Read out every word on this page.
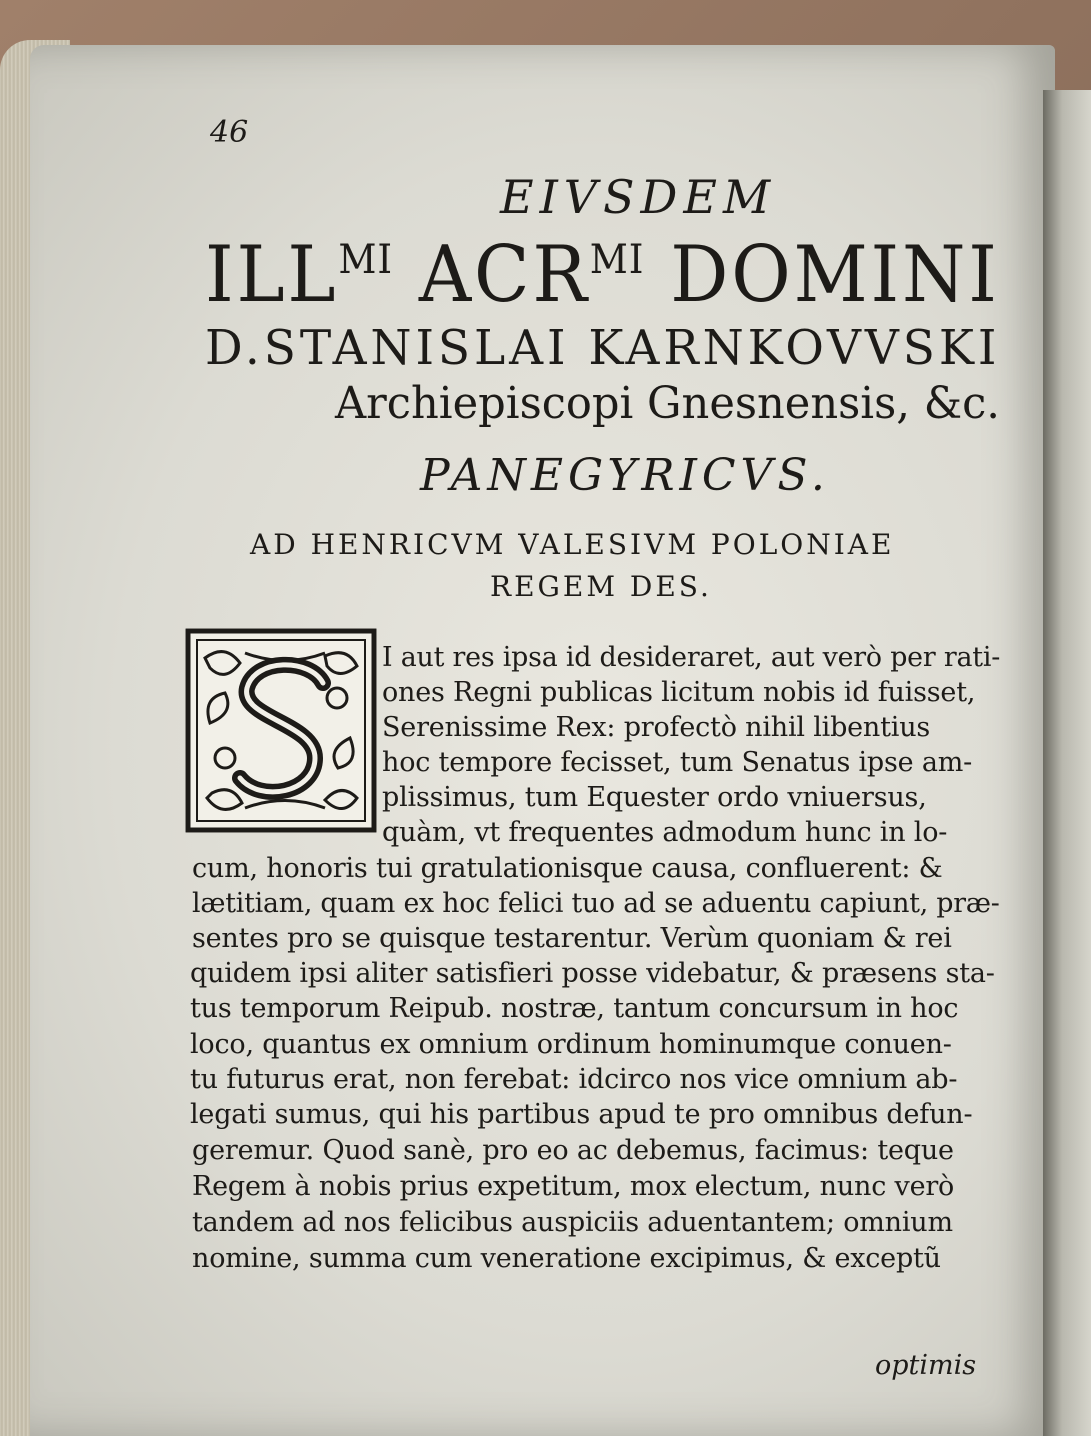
46
EIVSDEM
$ILL^{MI}$ $ACR^{MI}$ DOMINI
D.STANISLAI KARNKOVVSKI
Archiepiscopi Gnesnensis, &c.
PANEGYRICVS.
AD HENRICVM VALESIVM POLONIAE
REGEM DES.
I aut res ipsa id desideraret, aut verò per rati-
ones Regni publicas licitum nobis id fuisset,
Serenissime Rex: profectò nihil libentius
hoc tempore fecisset, tum Senatus ipse am-
plissimus, tum Equester ordo vniuersus,
quàm, vt frequentes admodum hunc in lo-
cum, honoris tui gratulationisque causa, confluerent: &
lætitiam, quam ex hoc felici tuo ad se aduentu capiunt, præ-
sentes pro se quisque testarentur. Verùm quoniam & rei
quidem ipsi aliter satisfieri posse videbatur, & præsens sta-
tus temporum Reipub. nostræ, tantum concursum in hoc
loco, quantus ex omnium ordinum hominumque conuen-
tu futurus erat, non ferebat: idcirco nos vice omnium ab-
legati sumus, qui his partibus apud te pro omnibus defun-
geremur. Quod sanè, pro eo ac debemus, facimus: teque
Regem à nobis prius expetitum, mox electum, nunc verò
tandem ad nos felicibus auspiciis aduentantem; omnium
nomine, summa cum veneratione excipimus, & exceptũ
optimis
